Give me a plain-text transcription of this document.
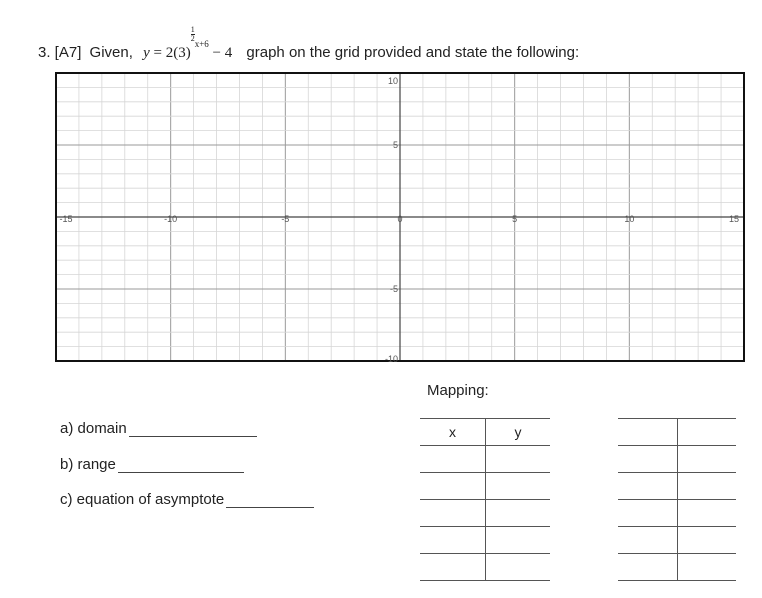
3. [A7] Given, y = 2(3)
$^{\frac{1}{2} x+6}$ − 4 graph on the grid provided and state the following:
-15	-10	-5	0	5	10	15
10
5
-5
-10
a) domain
b) range
c) equation of asymptote
Mapping:
x	y
